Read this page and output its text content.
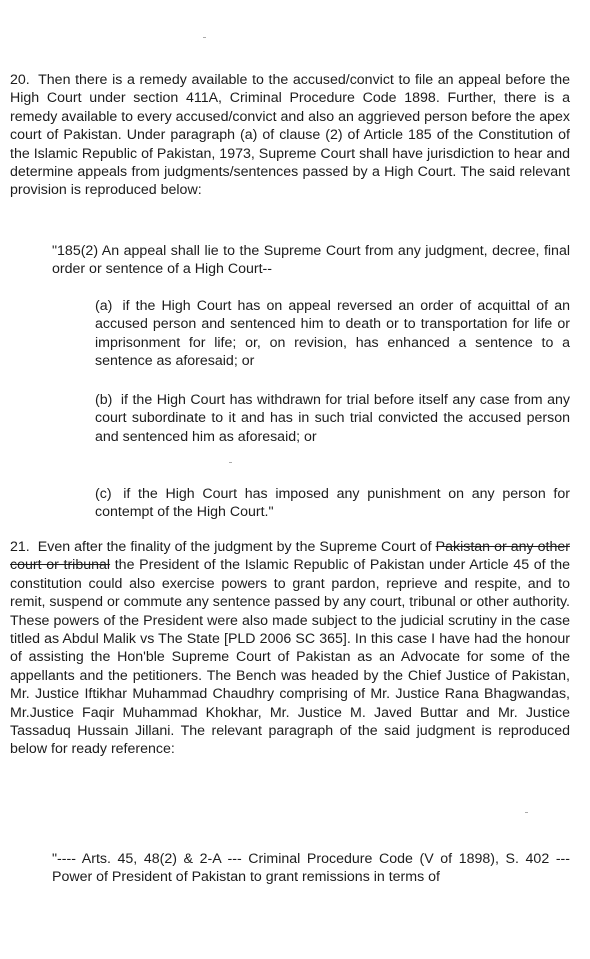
20. Then there is a remedy available to the accused/convict to file an appeal before the High Court under section 411A, Criminal Procedure Code 1898. Further, there is a remedy available to every accused/convict and also an aggrieved person before the apex court of Pakistan. Under paragraph (a) of clause (2) of Article 185 of the Constitution of the Islamic Republic of Pakistan, 1973, Supreme Court shall have jurisdiction to hear and determine appeals from judgments/sentences passed by a High Court. The said relevant provision is reproduced below:

"185(2) An appeal shall lie to the Supreme Court from any judgment, decree, final order or sentence of a High Court--

(a) if the High Court has on appeal reversed an order of acquittal of an accused person and sentenced him to death or to transportation for life or imprisonment for life; or, on revision, has enhanced a sentence to a sentence as aforesaid; or

(b) if the High Court has withdrawn for trial before itself any case from any court subordinate to it and has in such trial convicted the accused person and sentenced him as aforesaid; or

(c) if the High Court has imposed any punishment on any person for contempt of the High Court."

21. Even after the finality of the judgment by the Supreme Court of Pakistan or any other court or tribunal the President of the Islamic Republic of Pakistan under Article 45 of the constitution could also exercise powers to grant pardon, reprieve and respite, and to remit, suspend or commute any sentence passed by any court, tribunal or other authority. These powers of the President were also made subject to the judicial scrutiny in the case titled as Abdul Malik vs The State [PLD 2006 SC 365]. In this case I have had the honour of assisting the Hon'ble Supreme Court of Pakistan as an Advocate for some of the appellants and the petitioners. The Bench was headed by the Chief Justice of Pakistan, Mr. Justice Iftikhar Muhammad Chaudhry comprising of Mr. Justice Rana Bhagwandas, Mr.Justice Faqir Muhammad Khokhar, Mr. Justice M. Javed Buttar and Mr. Justice Tassaduq Hussain Jillani. The relevant paragraph of the said judgment is reproduced below for ready reference:

"---- Arts. 45, 48(2) & 2-A --- Criminal Procedure Code (V of 1898), S. 402 --- Power of President of Pakistan to grant remissions in terms of
